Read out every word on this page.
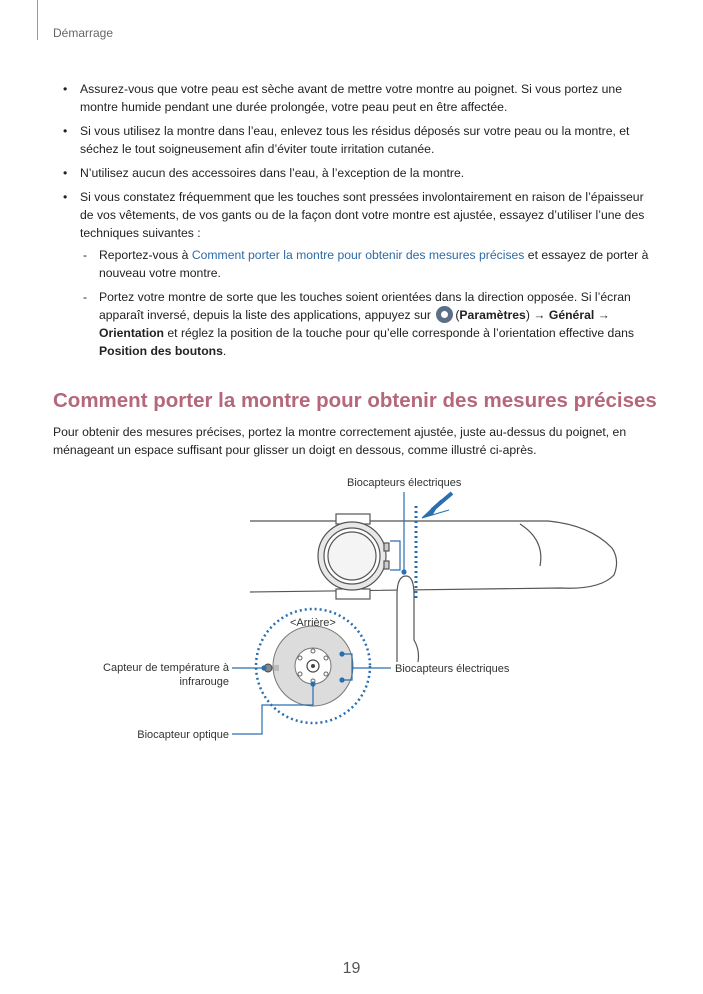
Démarrage
• Assurez-vous que votre peau est sèche avant de mettre votre montre au poignet. Si vous portez une montre humide pendant une durée prolongée, votre peau peut en être affectée.
• Si vous utilisez la montre dans l’eau, enlevez tous les résidus déposés sur votre peau ou la montre, et séchez le tout soigneusement afin d’éviter toute irritation cutanée.
• N’utilisez aucun des accessoires dans l’eau, à l’exception de la montre.
• Si vous constatez fréquemment que les touches sont pressées involontairement en raison de l’épaisseur de vos vêtements, de vos gants ou de la façon dont votre montre est ajustée, essayez d’utiliser l’une des techniques suivantes :
- Reportez-vous à Comment porter la montre pour obtenir des mesures précises et essayez de porter à nouveau votre montre.
- Portez votre montre de sorte que les touches soient orientées dans la direction opposée. Si l’écran apparaît inversé, depuis la liste des applications, appuyez sur (Paramètres) → Général → Orientation et réglez la position de la touche pour qu’elle corresponde à l’orientation effective dans Position des boutons.
Comment porter la montre pour obtenir des mesures précises

Pour obtenir des mesures précises, portez la montre correctement ajustée, juste au-dessus du poignet, en ménageant un espace suffisant pour glisser un doigt en dessous, comme illustré ci-après.

Biocapteurs électriques
<Arrière>
Capteur de température à
infrarouge
Biocapteurs électriques
Biocapteur optique
19
